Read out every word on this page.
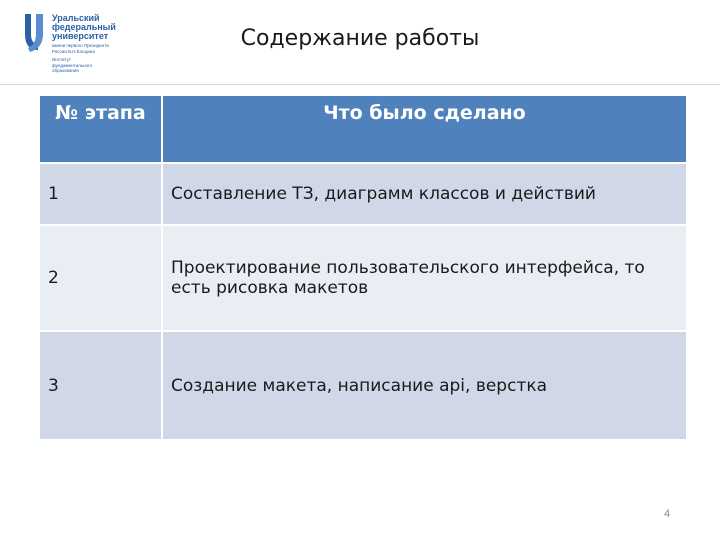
Уральский
федеральный
университет
имени первого Президента
России Б.Н.Ельцина
Институт
фундаментального
образования
Содержание работы
№ этапа	Что было сделано
1	Составление ТЗ, диаграмм классов и действий
2	Проектирование пользовательского интерфейса, то есть рисовка макетов
3	Создание макета, написание api, верстка
4
